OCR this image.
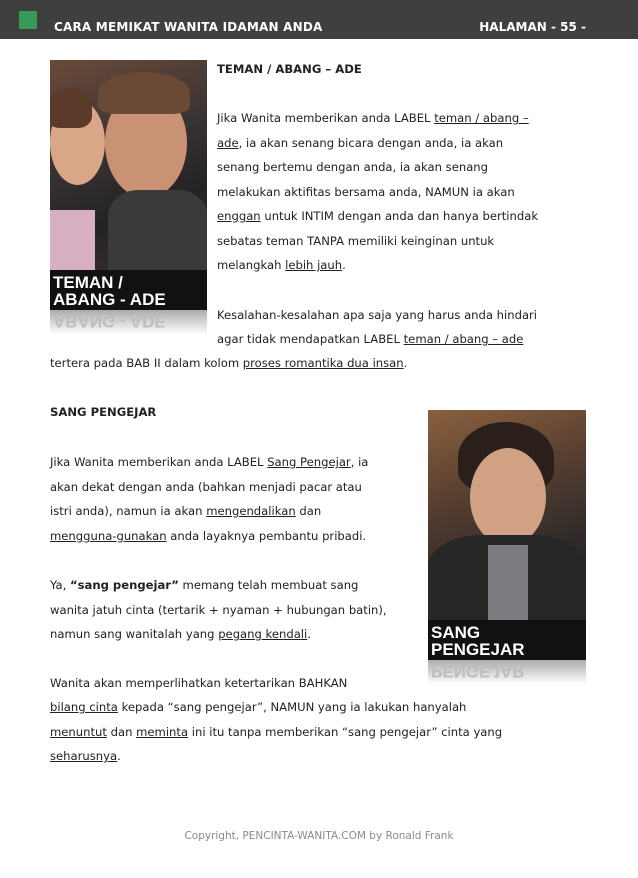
CARA MEMIKAT WANITA IDAMAN ANDA	HALAMAN - 55 -
TEMAN /
ABANG - ADE
ABANG - ADE
TEMAN / ABANG – ADE
Jika Wanita memberikan anda LABEL teman / abang –
ade, ia akan senang bicara dengan anda, ia akan
senang bertemu dengan anda, ia akan senang
melakukan aktifitas bersama anda, NAMUN ia akan
enggan untuk INTIM dengan anda dan hanya bertindak
sebatas teman TANPA memiliki keinginan untuk
melangkah lebih jauh.
Kesalahan-kesalahan apa saja yang harus anda hindari
agar tidak mendapatkan LABEL teman / abang – ade
tertera pada BAB II dalam kolom proses romantika dua insan.
SANG PENGEJAR
Jika Wanita memberikan anda LABEL Sang Pengejar, ia
akan dekat dengan anda (bahkan menjadi pacar atau
istri anda), namun ia akan mengendalikan dan
mengguna-gunakan anda layaknya pembantu pribadi.
Ya, “sang pengejar” memang telah membuat sang
wanita jatuh cinta (tertarik + nyaman + hubungan batin),
namun sang wanitalah yang pegang kendali.
Wanita akan memperlihatkan ketertarikan BAHKAN
bilang cinta kepada “sang pengejar”, NAMUN yang ia lakukan hanyalah
menuntut dan meminta ini itu tanpa memberikan “sang pengejar” cinta yang
seharusnya.
SANG
PENGEJAR
PENGEJAR
Copyright, PENCINTA-WANITA.COM by Ronald Frank
